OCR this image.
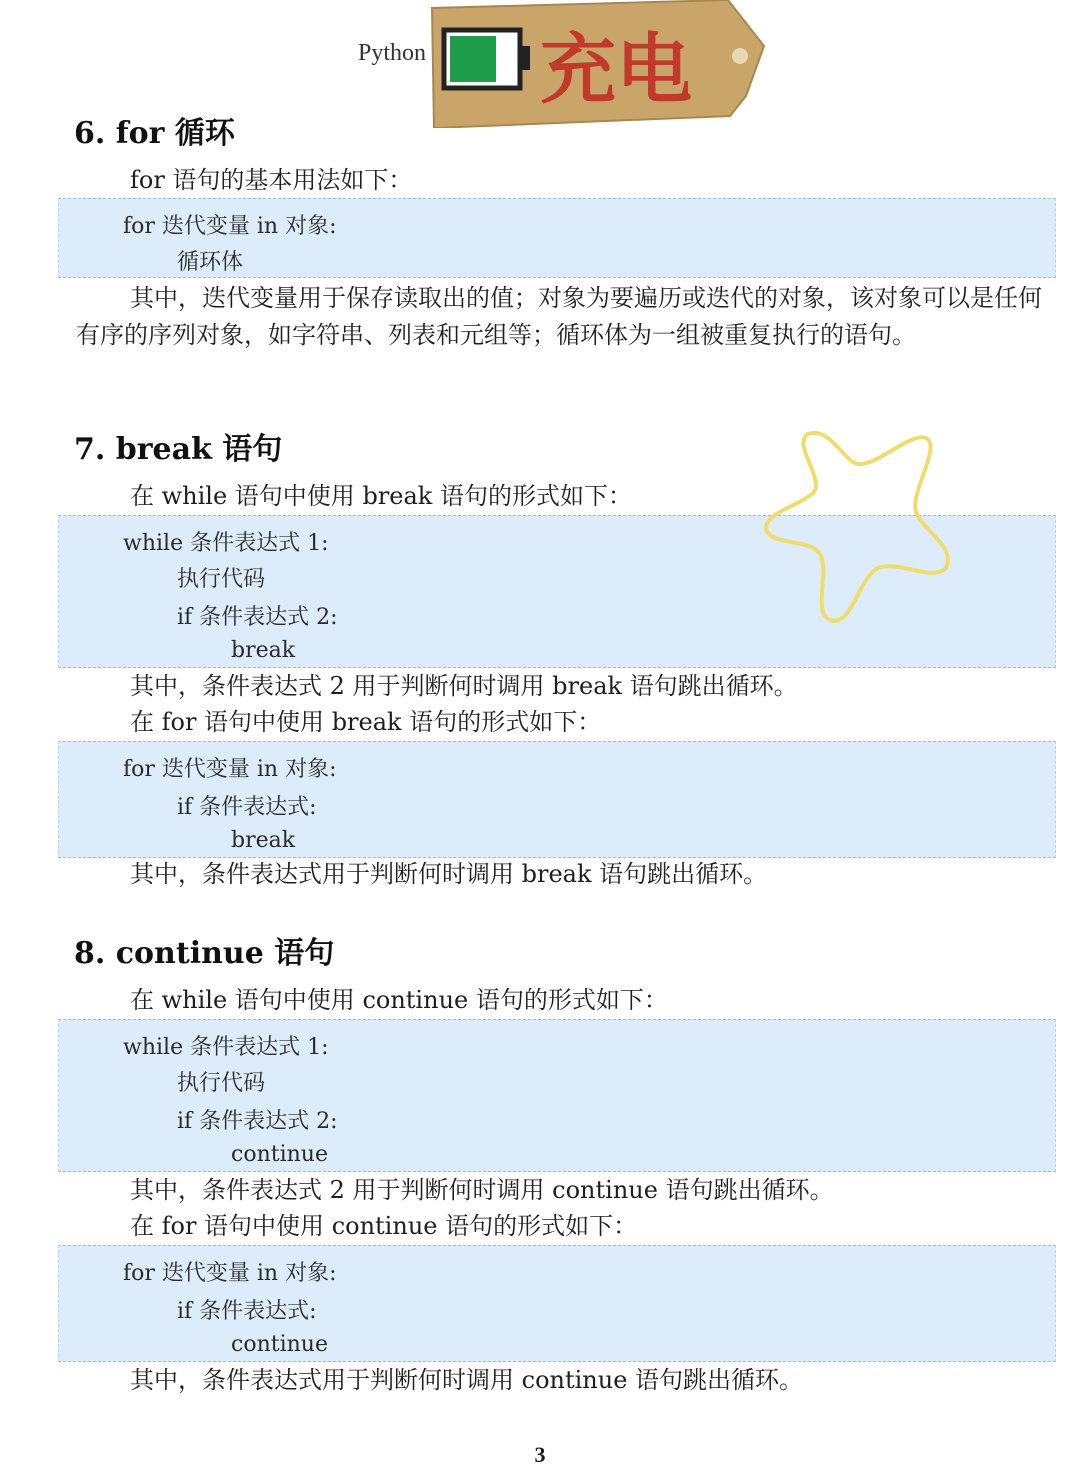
Python 充电
6. for 循环
for 语句的基本用法如下：
for 迭代变量 in 对象:
循环体
其中，迭代变量用于保存读取出的值；对象为要遍历或迭代的对象，该对象可以是任何有序的序列对象，如字符串、列表和元组等；循环体为一组被重复执行的语句。
7. break 语句
在 while 语句中使用 break 语句的形式如下：
while 条件表达式 1:
执行代码
if 条件表达式 2:
break
其中，条件表达式 2 用于判断何时调用 break 语句跳出循环。
在 for 语句中使用 break 语句的形式如下：
for 迭代变量 in 对象:
if 条件表达式:
break
其中，条件表达式用于判断何时调用 break 语句跳出循环。
8. continue 语句
在 while 语句中使用 continue 语句的形式如下：
while 条件表达式 1:
执行代码
if 条件表达式 2:
continue
其中，条件表达式 2 用于判断何时调用 continue 语句跳出循环。
在 for 语句中使用 continue 语句的形式如下：
for 迭代变量 in 对象:
if 条件表达式:
continue
其中，条件表达式用于判断何时调用 continue 语句跳出循环。
3
